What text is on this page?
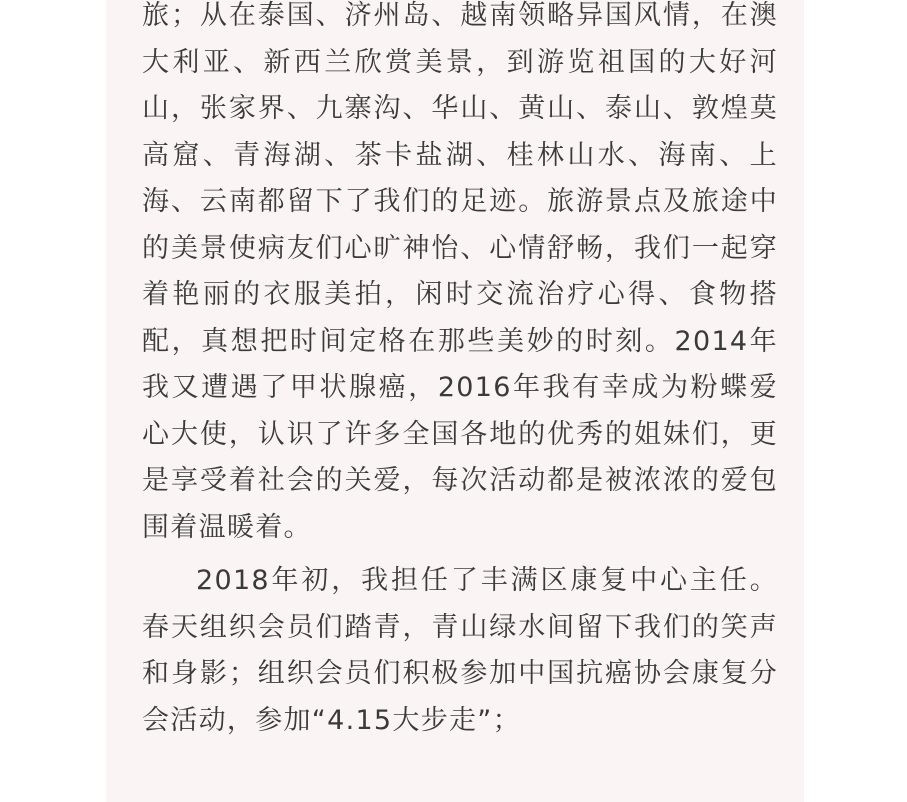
旅；从在泰国、济州岛、越南领略异国风情，在澳大利亚、新西兰欣赏美景，到游览祖国的大好河山，张家界、九寨沟、华山、黄山、泰山、敦煌莫高窟、青海湖、茶卡盐湖、桂林山水、海南、上海、云南都留下了我们的足迹。旅游景点及旅途中的美景使病友们心旷神怡、心情舒畅，我们一起穿着艳丽的衣服美拍，闲时交流治疗心得、食物搭配，真想把时间定格在那些美妙的时刻。2014年我又遭遇了甲状腺癌，2016年我有幸成为粉蝶爱心大使，认识了许多全国各地的优秀的姐妹们，更是享受着社会的关爱，每次活动都是被浓浓的爱包围着温暖着。

2018年初，我担任了丰满区康复中心主任。春天组织会员们踏青，青山绿水间留下我们的笑声和身影；组织会员们积极参加中国抗癌协会康复分会活动，参加“4.15大步走”；
